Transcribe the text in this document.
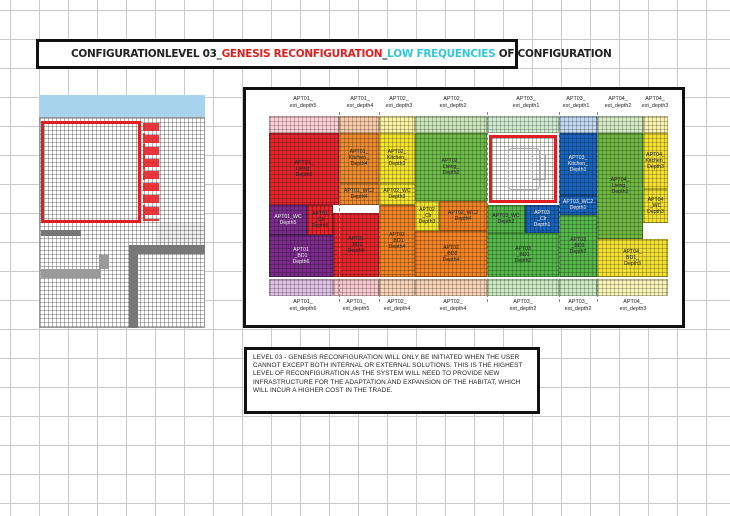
CONFIGURATIONLEVEL 03_ GENESIS RECONFIGURATION _ LOW FREQUENCIES OF CONFIGURATION
APT01_
ext_depth5
APT01_
ext_depth4
APT02_
ext_depth3
APT02_
ext_depth2
APT03_
ext_depth1
APT03_
ext_depth1
APT04_
ext_depth2
APT04_
ext_depth3
APT01_
Living_
Depth5
APT01_
Kitchen_
Depth4
APT01_WC2
Depth4
APT01_WC
Depth5
APT01
_Clr
Depth5
APT01
_BD1
Depth6
APT01
_BD2
Depth5
APT02_
Kitchen_
Depth3
APT02_WC
Depth3
APT02
_Clr
Depth3
APT02
_BD1
Depth4
APT02_
Living_
Depth2
APT02_WC2
Depth4
APT02
_BD2
Depth4
APT03_
Kitchen_
Depth1
APT03_WC2
Depth1
APT03_WC
Depth2
APT03
_Clr
Depth1
APT03
_BD1
Depth2
APT03
_BD2
Depth2
APT04_
Living_
Depth2
APT04_
Kitchen_
Depth3
APT04
_WC
Depth3
APT04_
BD1_
Depth3
APT01_
ext_depth6
APT01_
ext_depth5
APT02_
ext_depth4
APT02_
ext_depth4
APT03_
ext_depth2
APT03_
ext_depth2
APT04_
ext_depth3
LEVEL 03 - GENESIS RECONFIGURATION WILL ONLY BE INITIATED WHEN THE USER CANNOT EXCEPT BOTH INTERNAL OR EXTERNAL SOLUTIONS. THIS IS THE HIGHEST LEVEL OF RECONFIGURATION AS THE SYSTEM WILL NEED TO PROVIDE NEW INFRASTRUCTURE FOR THE ADAPTATION AND EXPANSION OF THE HABITAT, WHICH WILL INCUR A HIGHER COST IN THE TRADE.
